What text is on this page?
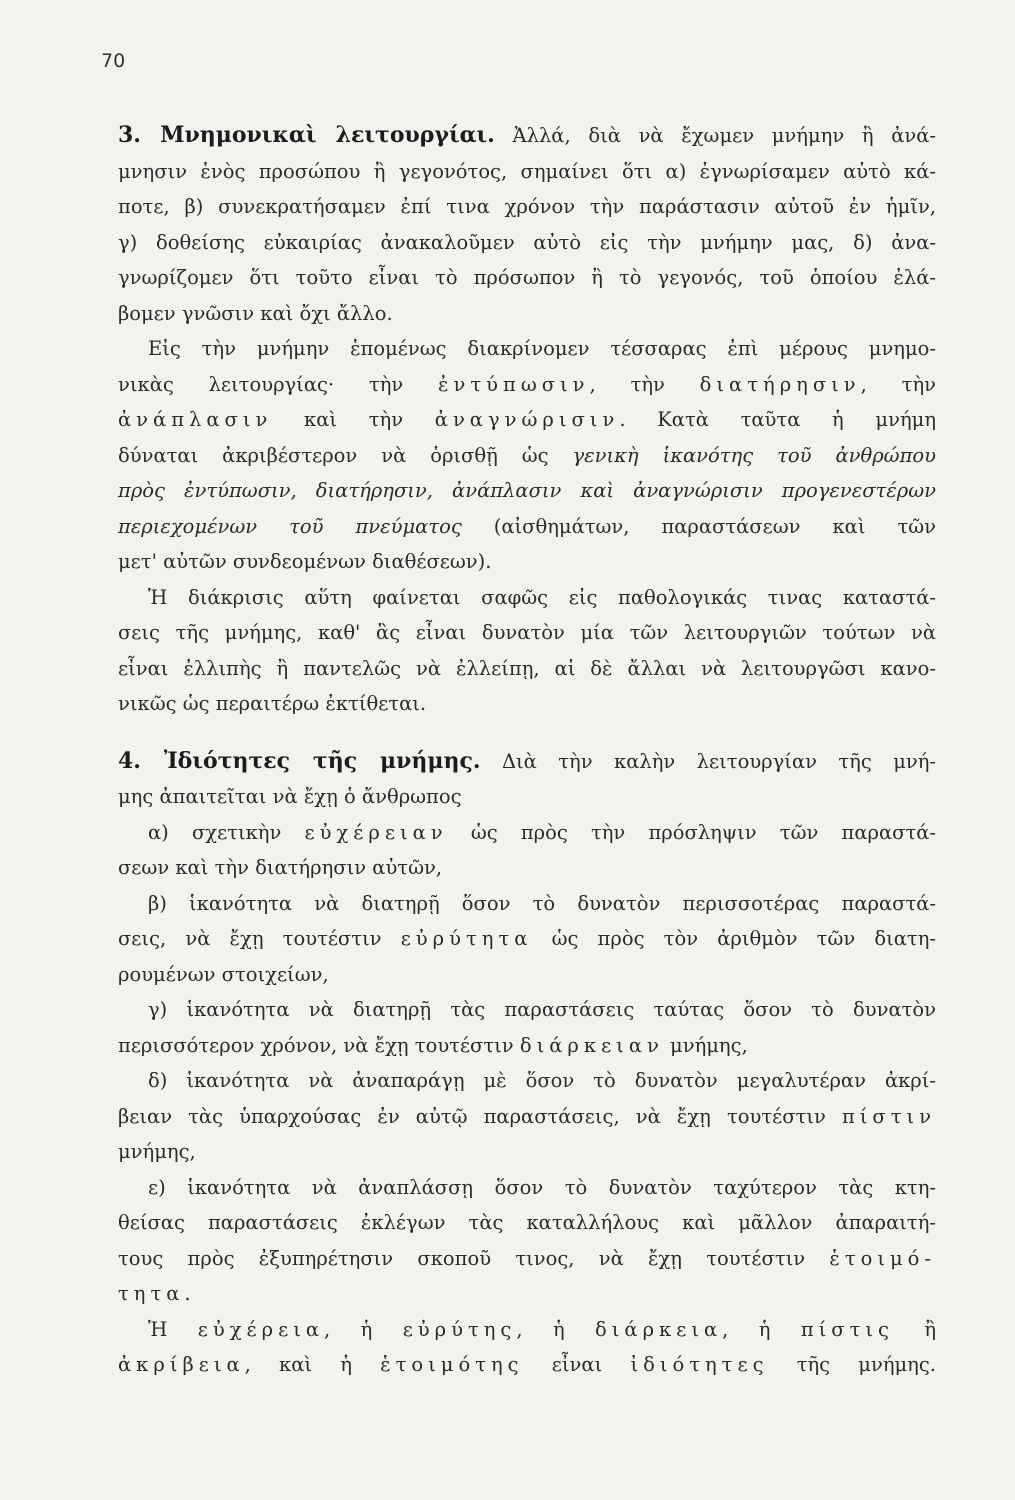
70
3. Μνημονικαὶ λειτουργίαι. Ἀλλά, διὰ νὰ ἔχωμεν μνήμην ἢ ἀνά-
μνησιν ἑνὸς προσώπου ἢ γεγονότος, σημαίνει ὅτι α) ἐγνωρίσαμεν αὐτὸ κά-
ποτε, β) συνεκρατήσαμεν ἐπί τινα χρόνον τὴν παράστασιν αὐτοῦ ἐν ἡμῖν,
γ) δοθείσης εὐκαιρίας ἀνακαλοῦμεν αὐτὸ εἰς τὴν μνήμην μας, δ) ἀνα-
γνωρίζομεν ὅτι τοῦτο εἶναι τὸ πρόσωπον ἢ τὸ γεγονός, τοῦ ὁποίου ἐλά-
βομεν γνῶσιν καὶ ὄχι ἄλλο.
Εἰς τὴν μνήμην ἑπομένως διακρίνομεν τέσσαρας ἐπὶ μέρους μνημο-
νικὰς λειτουργίας· τὴν ἐντύπωσιν, τὴν διατήρησιν, τὴν
ἀνάπλασιν καὶ τὴν ἀναγνώρισιν. Κατὰ ταῦτα ἡ μνήμη
δύναται ἀκριβέστερον νὰ ὁρισθῇ ὡς γενικὴ ἱκανότης τοῦ ἀνθρώπου
πρὸς ἐντύπωσιν, διατήρησιν, ἀνάπλασιν καὶ ἀναγνώρισιν προγενεστέρων
περιεχομένων τοῦ πνεύματος (αἰσθημάτων, παραστάσεων καὶ τῶν
μετ' αὐτῶν συνδεομένων διαθέσεων).
Ἡ διάκρισις αὕτη φαίνεται σαφῶς εἰς παθολογικάς τινας καταστά-
σεις τῆς μνήμης, καθ' ἃς εἶναι δυνατὸν μία τῶν λειτουργιῶν τούτων νὰ
εἶναι ἐλλιπὴς ἢ παντελῶς νὰ ἐλλείπῃ, αἱ δὲ ἄλλαι νὰ λειτουργῶσι κανο-
νικῶς ὡς περαιτέρω ἐκτίθεται.
4. Ἰδιότητες τῆς μνήμης. Διὰ τὴν καλὴν λειτουργίαν τῆς μνή-
μης ἀπαιτεῖται νὰ ἔχῃ ὁ ἄνθρωπος
α) σχετικὴν εὐχέρειαν ὡς πρὸς τὴν πρόσληψιν τῶν παραστά-
σεων καὶ τὴν διατήρησιν αὐτῶν,
β) ἱκανότητα νὰ διατηρῇ ὅσον τὸ δυνατὸν περισσοτέρας παραστά-
σεις, νὰ ἔχῃ τουτέστιν εὐρύτητα ὡς πρὸς τὸν ἀριθμὸν τῶν διατη-
ρουμένων στοιχείων,
γ) ἱκανότητα νὰ διατηρῇ τὰς παραστάσεις ταύτας ὅσον τὸ δυνατὸν
περισσότερον χρόνον, νὰ ἔχῃ τουτέστιν διάρκειαν μνήμης,
δ) ἱκανότητα νὰ ἀναπαράγῃ μὲ ὅσον τὸ δυνατὸν μεγαλυτέραν ἀκρί-
βειαν τὰς ὑπαρχούσας ἐν αὐτῷ παραστάσεις, νὰ ἔχῃ τουτέστιν πίστιν
μνήμης,
ε) ἱκανότητα νὰ ἀναπλάσσῃ ὅσον τὸ δυνατὸν ταχύτερον τὰς κτη-
θείσας παραστάσεις ἐκλέγων τὰς καταλλήλους καὶ μᾶλλον ἀπαραιτή-
τους πρὸς ἐξυπηρέτησιν σκοποῦ τινος, νὰ ἔχῃ τουτέστιν ἑτοιμό-
τητα.
Ἡ εὐχέρεια, ἡ εὐρύτης, ἡ διάρκεια, ἡ πίστις ἢ
ἀκρίβεια, καὶ ἡ ἑτοιμότης εἶναι ἰδιότητες τῆς μνήμης.
